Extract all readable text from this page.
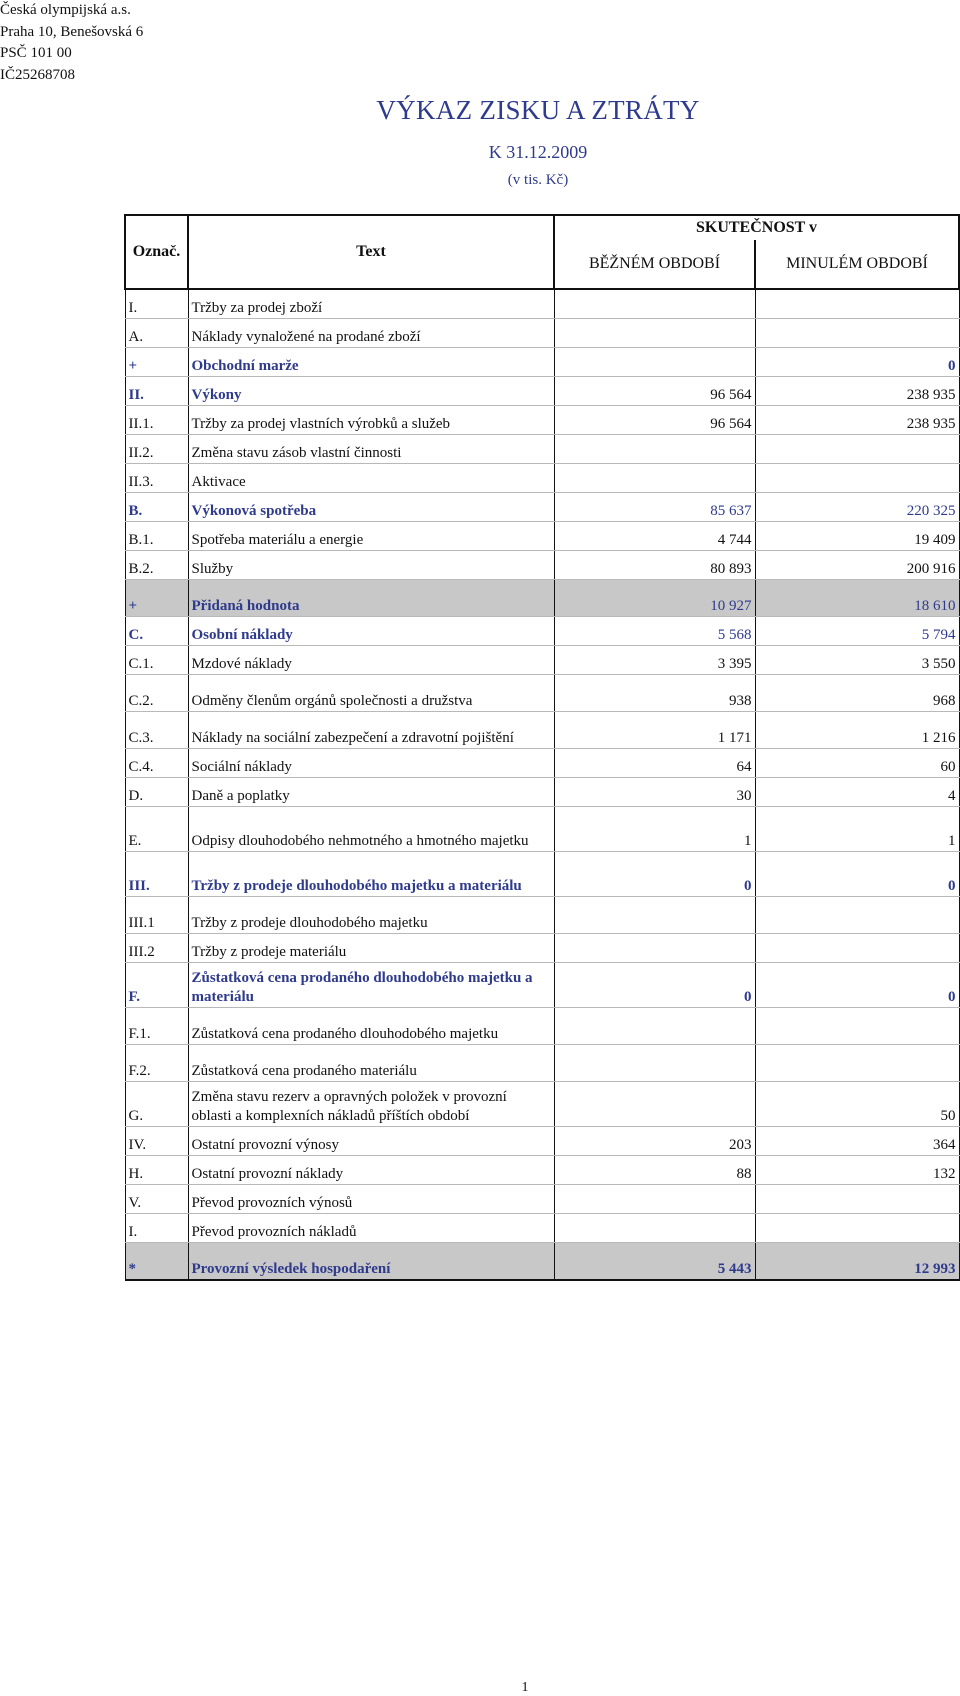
Česká olympijská a.s.
Praha 10, Benešovská 6
PSČ 101 00
IČ25268708
VÝKAZ ZISKU A ZTRÁTY
K 31.12.2009
(v tis. Kč)
Označ.	Text	SKUTEČNOST v	
		BĚŽNÉM OBDOBÍ	MINULÉM OBDOBÍ
I.	Tržby za prodej zboží		
A.	Náklady vynaložené na prodané zboží		
+	Obchodní marže		0
II.	Výkony	96 564	238 935
II.1.	Tržby za prodej vlastních výrobků a služeb	96 564	238 935
II.2.	Změna stavu zásob vlastní činnosti		
II.3.	Aktivace		
B.	Výkonová spotřeba	85 637	220 325
B.1.	Spotřeba materiálu a energie	4 744	19 409
B.2.	Služby	80 893	200 916
+	Přidaná hodnota	10 927	18 610
C.	Osobní náklady	5 568	5 794
C.1.	Mzdové náklady	3 395	3 550
C.2.	Odměny členům orgánů společnosti a družstva	938	968
C.3.	Náklady na sociální zabezpečení a zdravotní pojištění	1 171	1 216
C.4.	Sociální náklady	64	60
D.	Daně a poplatky	30	4
E.	Odpisy dlouhodobého nehmotného a hmotného majetku	1	1
III.	Tržby z prodeje dlouhodobého majetku a materiálu	0	0
III.1	Tržby z prodeje dlouhodobého majetku		
III.2	Tržby z prodeje materiálu		
F.	Zůstatková cena prodaného dlouhodobého majetku a materiálu	0	0
F.1.	Zůstatková cena prodaného dlouhodobého majetku		
F.2.	Zůstatková cena prodaného materiálu		
G.	Změna stavu rezerv a opravných položek v provozní oblasti a komplexních nákladů příštích období		50
IV.	Ostatní provozní výnosy	203	364
H.	Ostatní provozní náklady	88	132
V.	Převod provozních výnosů		
I.	Převod provozních nákladů		
*	Provozní výsledek hospodaření	5 443	12 993
1
